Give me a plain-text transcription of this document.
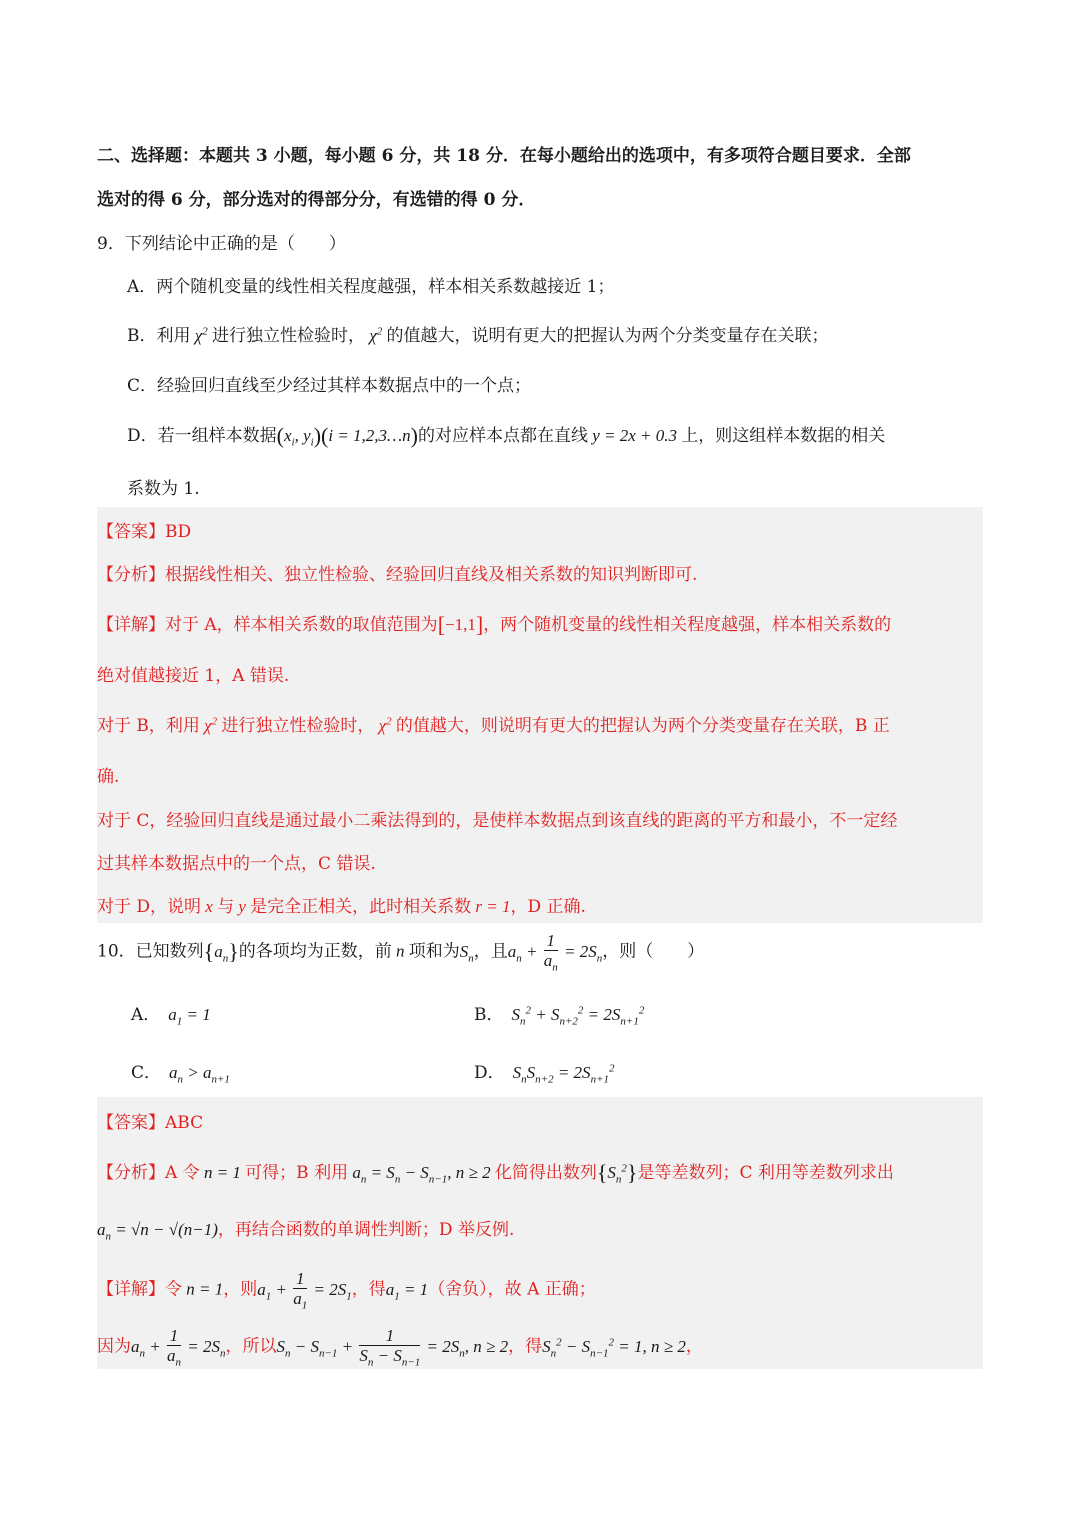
二、选择题：本题共 3 小题，每小题 6 分，共 18 分．在每小题给出的选项中，有多项符合题目要求．全部
选对的得 6 分，部分选对的得部分分，有选错的得 0 分．
9．下列结论中正确的是（　　）
A．两个随机变量的线性相关程度越强，样本相关系数越接近 1；
B．利用 $\chi^2$ 进行独立性检验时， $\chi^2$ 的值越大，说明有更大的把握认为两个分类变量存在关联；
C．经验回归直线至少经过其样本数据点中的一个点；
D．若一组样本数据($x_i$, $y_i)(i$ = 1,2,3…n)的对应样本点都在直线 y = 2x + 0.3 上，则这组样本数据的相关
系数为 1.
【答案】BD
【分析】根据线性相关、独立性检验、经验回归直线及相关系数的知识判断即可.
【详解】对于 A，样本相关系数的取值范围为[−1,1]，两个随机变量的线性相关程度越强，样本相关系数的
绝对值越接近 1，A 错误.
对于 B，利用 $\chi^2$ 进行独立性检验时， $\chi^2$ 的值越大，则说明有更大的把握认为两个分类变量存在关联，B 正
确.
对于 C，经验回归直线是通过最小二乘法得到的，是使样本数据点到该直线的距离的平方和最小，不一定经
过其样本数据点中的一个点，C 错误.
对于 D，说明 x 与 y 是完全正相关，此时相关系数 r = 1，D 正确.
10．已知数列$\{a_n\}$的各项均为正数，前 n 项和为$S_n$，且$a_n + \frac{1}{a_n} = 2S_n$，则（　　）
A． $a_1 = 1$	B． $S_n^2 + S_{n+2}^2 = 2S_{n+1}^2$
C． $a_n > a_{n+1}$	D． $S_nS_{n+2} = 2S_{n+1}^2$
【答案】ABC
【分析】A 令 n = 1 可得；B 利用 $a_n = S_n - S_{n-1}$, n ≥ 2 化简得出数列$\{S_n^2\}$是等差数列；C 利用等差数列求出
$a_n = √n - √(n-1)$，再结合函数的单调性判断；D 举反例.
【详解】令 n = 1，则$a_1 + \frac{1}{a_1} = 2S_1$，得$a_1 = 1$（舍负），故 A 正确；
因为$a_n + \frac{1}{a_n} = 2S_n$，所以$S_n - S_{n-1} + \frac{1}{S_n - S_{n-1}} = 2S_n$, n ≥ 2，得$S_n^2 - S_{n-1}^2 = 1$, n ≥ 2，
